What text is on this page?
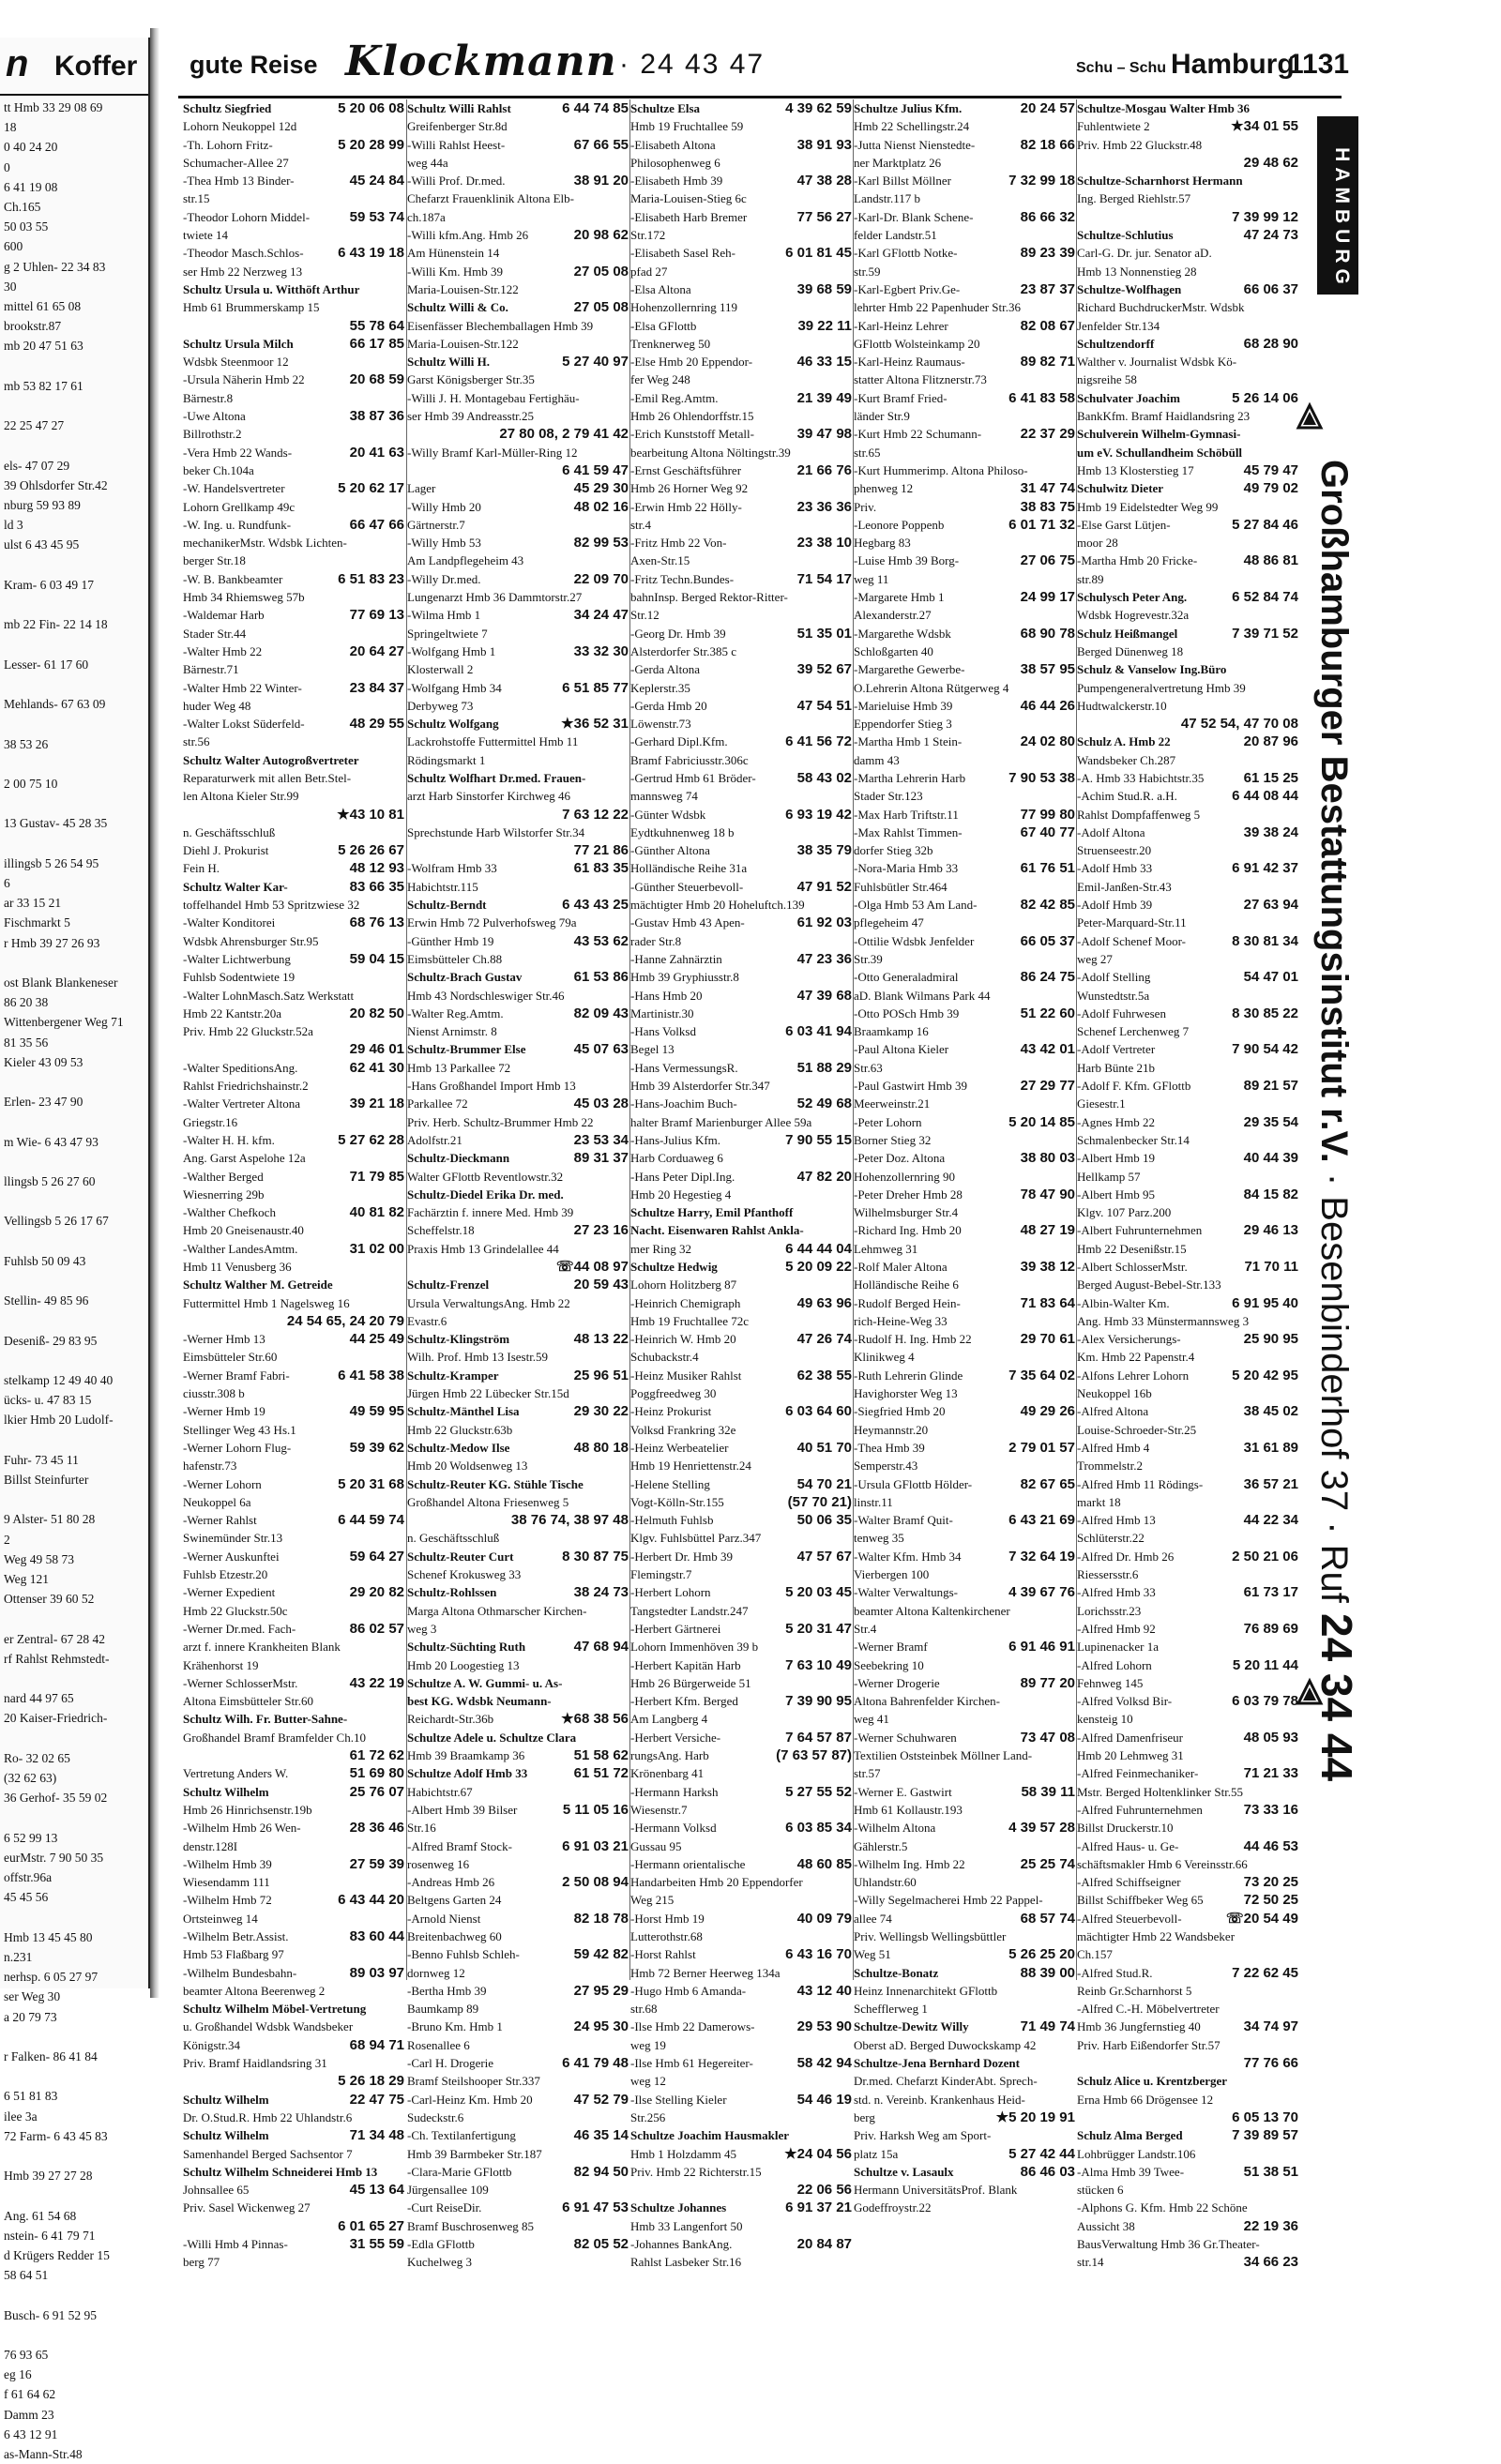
n Koffer
tt Hmb 33 29 08 69
18
0 40 24 20
0
6 41 19 08
Ch.165
50 03 55
600
g 2 Uhlen- 22 34 83
30
mittel 61 65 08
brookstr.87
mb 20 47 51 63

mb 53 82 17 61

22 25 47 27

els- 47 07 29
39 Ohlsdorfer Str.42
nburg 59 93 89
ld 3
ulst 6 43 45 95

Kram- 6 03 49 17

mb 22 Fin- 22 14 18

Lesser- 61 17 60

Mehlands- 67 63 09

38 53 26

2 00 75 10

13 Gustav- 45 28 35

illingsb 5 26 54 95
6
ar 33 15 21
Fischmarkt 5
r Hmb 39 27 26 93

ost Blank Blankeneser
86 20 38
Wittenbergener Weg 71
81 35 56
Kieler 43 09 53

Erlen- 23 47 90

m Wie- 6 43 47 93

llingsb 5 26 27 60

Vellingsb 5 26 17 67

Fuhlsb 50 09 43

Stellin- 49 85 96

Deseniß- 29 83 95

stelkamp 12 49 40 40
ücks- u. 47 83 15
lkier Hmb 20 Ludolf-

Fuhr- 73 45 11
Billst Steinfurter

9 Alster- 51 80 28
2
Weg 49 58 73
Weg 121
Ottenser 39 60 52

er Zentral- 67 28 42
rf Rahlst Rehmstedt-

nard 44 97 65
20 Kaiser-Friedrich-

Ro- 32 02 65
(32 62 63)
36 Gerhof- 35 59 02

6 52 99 13
eurMstr. 7 90 50 35
offstr.96a
45 45 56

Hmb 13 45 45 80
n.231
nerhsp. 6 05 27 97
ser Weg 30
a 20 79 73

r Falken- 86 41 84

6 51 81 83
ilee 3a
72 Farm- 6 43 45 83

Hmb 39 27 27 28

Ang. 61 54 68
nstein- 6 41 79 71
d Krügers Redder 15
58 64 51

Busch- 6 91 52 95

76 93 65
eg 16
f 61 64 62
Damm 23
6 43 12 91
as-Mann-Str.48
gute Reise Klockmann · 24 43 47	Schu – Schu Hamburg
1131
Schultz Siegfried	5 20 06 08
Lohorn Neukoppel 12d
-Th. Lohorn Fritz-	5 20 28 99
Schumacher-Allee 27
-Thea Hmb 13 Binder-	45 24 84
str.15
-Theodor Lohorn Middel-	59 53 74
twiete 14
-Theodor Masch.Schlos-	6 43 19 18
ser Hmb 22 Nerzweg 13
Schultz Ursula u. Witthöft Arthur
Hmb 61 Brummerskamp 15

55 78 64
Schultz Ursula Milch	66 17 85
Wdsbk Steenmoor 12
-Ursula Näherin Hmb 22	20 68 59
Bärnestr.8
-Uwe Altona	38 87 36
Billrothstr.2
-Vera Hmb 22 Wands-	20 41 63
beker Ch.104a
-W. Handelsvertreter	5 20 62 17
Lohorn Grellkamp 49c
-W. Ing. u. Rundfunk-	66 47 66
mechanikerMstr. Wdsbk Lichten-
berger Str.18
-W. B. Bankbeamter	6 51 83 23
Hmb 34 Rhiemsweg 57b
-Waldemar Harb	77 69 13
Stader Str.44
-Walter Hmb 22	20 64 27
Bärnestr.71
-Walter Hmb 22 Winter-	23 84 37
huder Weg 48
-Walter Lokst Süderfeld-	48 29 55
str.56
Schultz Walter Autogroßvertreter
Reparaturwerk mit allen Betr.Stel-
len Altona Kieler Str.99

★43 10 81
n. Geschäftsschluß
Diehl J. Prokurist	5 26 26 67
Fein H.	48 12 93
Schultz Walter Kar-	83 66 35
toffelhandel Hmb 53 Spritzwiese 32
-Walter Konditorei	68 76 13
Wdsbk Ahrensburger Str.95
-Walter Lichtwerbung	59 04 15
Fuhlsb Sodentwiete 19
-Walter LohnMasch.Satz Werkstatt
Hmb 22 Kantstr.20a	20 82 50
Priv. Hmb 22 Gluckstr.52a

29 46 01
-Walter SpeditionsAng.	62 41 30
Rahlst Friedrichshainstr.2
-Walter Vertreter Altona	39 21 18
Griegstr.16
-Walter H. H. kfm.	5 27 62 28
Ang. Garst Aspelohe 12a
-Walther Berged	71 79 85
Wiesnerring 29b
-Walther Chefkoch	40 81 82
Hmb 20 Gneisenaustr.40
-Walther LandesAmtm.	31 02 00
Hmb 11 Venusberg 36
Schultz Walther M. Getreide
Futtermittel Hmb 1 Nagelsweg 16

24 54 65, 24 20 79
-Werner Hmb 13	44 25 49
Eimsbütteler Str.60
-Werner Bramf Fabri-	6 41 58 38
ciusstr.308 b
-Werner Hmb 19	49 59 95
Stellinger Weg 43 Hs.1
-Werner Lohorn Flug-	59 39 62
hafenstr.73
-Werner Lohorn	5 20 31 68
Neukoppel 6a
-Werner Rahlst	6 44 59 74
Swinemünder Str.13
-Werner Auskunftei	59 64 27
Fuhlsb Etzestr.20
-Werner Expedient	29 20 82
Hmb 22 Gluckstr.50c
-Werner Dr.med. Fach-	86 02 57
arzt f. innere Krankheiten Blank
Krähenhorst 19
-Werner SchlosserMstr.	43 22 19
Altona Eimsbütteler Str.60
Schultz Wilh. Fr. Butter-Sahne-
Großhandel Bramf Bramfelder Ch.10

61 72 62
Vertretung Anders W.	51 69 80
Schultz Wilhelm	25 76 07
Hmb 26 Hinrichsenstr.19b
-Wilhelm Hmb 26 Wen-	28 36 46
denstr.128I
-Wilhelm Hmb 39	27 59 39
Wiesendamm 111
-Wilhelm Hmb 72	6 43 44 20
Ortsteinweg 14
-Wilhelm Betr.Assist.	83 60 44
Hmb 53 Flaßbarg 97
-Wilhelm Bundesbahn-	89 03 97
beamter Altona Beerenweg 2
Schultz Wilhelm Möbel-Vertretung
u. Großhandel Wdsbk Wandsbeker
Königstr.34	68 94 71
Priv. Bramf Haidlandsring 31

5 26 18 29
Schultz Wilhelm	22 47 75
Dr. O.Stud.R. Hmb 22 Uhlandstr.6
Schultz Wilhelm	71 34 48
Samenhandel Berged Sachsentor 7
Schultz Wilhelm Schneiderei Hmb 13
Johnsallee 65	45 13 64
Priv. Sasel Wickenweg 27

6 01 65 27
-Willi Hmb 4 Pinnas-	31 55 59
berg 77
Schultz Willi Rahlst	6 44 74 85
Greifenberger Str.8d
-Willi Rahlst Heest-	67 66 55
weg 44a
-Willi Prof. Dr.med.	38 91 20
Chefarzt Frauenklinik Altona Elb-
ch.187a
-Willi kfm.Ang. Hmb 26	20 98 62
Am Hünenstein 14
-Willi Km. Hmb 39	27 05 08
Maria-Louisen-Str.122
Schultz Willi & Co.	27 05 08
Eisenfässer Blechemballagen Hmb 39
Maria-Louisen-Str.122
Schultz Willi H.	5 27 40 97
Garst Königsberger Str.35
-Willi J. H. Montagebau Fertighäu-
ser Hmb 39 Andreasstr.25

27 80 08, 2 79 41 42
-Willy Bramf Karl-Müller-Ring 12

6 41 59 47
Lager	45 29 30
-Willy Hmb 20	48 02 16
Gärtnerstr.7
-Willy Hmb 53	82 99 53
Am Landpflegeheim 43
-Willy Dr.med.	22 09 70
Lungenarzt Hmb 36 Dammtorstr.27
-Wilma Hmb 1	34 24 47
Springeltwiete 7
-Wolfgang Hmb 1	33 32 30
Klosterwall 2
-Wolfgang Hmb 34	6 51 85 77
Derbyweg 73
Schultz Wolfgang	★36 52 31
Lackrohstoffe Futtermittel Hmb 11
Rödingsmarkt 1
Schultz Wolfhart Dr.med. Frauen-
arzt Harb Sinstorfer Kirchweg 46

7 63 12 22
Sprechstunde Harb Wilstorfer Str.34

77 21 86
-Wolfram Hmb 33	61 83 35
Habichtstr.115
Schultz-Berndt	6 43 43 25
Erwin Hmb 72 Pulverhofsweg 79a
-Günther Hmb 19	43 53 62
Eimsbütteler Ch.88
Schultz-Brach Gustav	61 53 86
Hmb 43 Nordschleswiger Str.46
-Walter Reg.Amtm.	82 09 43
Nienst Arnimstr. 8
Schultz-Brummer Else	45 07 63
Hmb 13 Parkallee 72
-Hans Großhandel Import Hmb 13
Parkallee 72	45 03 28
Priv. Herb. Schultz-Brummer Hmb 22
Adolfstr.21	23 53 34
Schultz-Dieckmann	89 31 37
Walter GFlottb Reventlowstr.32
Schultz-Diedel Erika Dr. med.
Fachärztin f. innere Med. Hmb 39
Scheffelstr.18	27 23 16
Praxis Hmb 13 Grindelallee 44

☏44 08 97
Schultz-Frenzel	20 59 43
Ursula VerwaltungsAng. Hmb 22
Evastr.6
Schultz-Klingström	48 13 22
Wilh. Prof. Hmb 13 Isestr.59
Schultz-Kramper	25 96 51
Jürgen Hmb 22 Lübecker Str.15d
Schultz-Mänthel Lisa	29 30 22
Hmb 22 Gluckstr.63b
Schultz-Medow Ilse	48 80 18
Hmb 20 Woldsenweg 13
Schultz-Reuter KG. Stühle Tische
Großhandel Altona Friesenweg 5

38 76 74, 38 97 48
n. Geschäftsschluß
Schultz-Reuter Curt	8 30 87 75
Schenef Krokusweg 33
Schultz-Rohlssen	38 24 73
Marga Altona Othmarscher Kirchen-
weg 3
Schultz-Süchting Ruth	47 68 94
Hmb 20 Loogestieg 13
Schultze A. W. Gummi- u. As-
best KG. Wdsbk Neumann-
Reichardt-Str.36b	★68 38 56
Schultze Adele u. Schultze Clara
Hmb 39 Braamkamp 36	51 58 62
Schultze Adolf Hmb 33	61 51 72
Habichtstr.67
-Albert Hmb 39 Bilser	5 11 05 16
Str.16
-Alfred Bramf Stock-	6 91 03 21
rosenweg 16
-Andreas Hmb 26	2 50 08 94
Beltgens Garten 24
-Arnold Nienst	82 18 78
Breitenbachweg 60
-Benno Fuhlsb Schleh-	59 42 82
dornweg 12
-Bertha Hmb 39	27 95 29
Baumkamp 89
-Bruno Km. Hmb 1	24 95 30
Rosenallee 6
-Carl H. Drogerie	6 41 79 48
Bramf Steilshooper Str.337
-Carl-Heinz Km. Hmb 20	47 52 79
Sudeckstr.6
-Ch. Textilanfertigung	46 35 14
Hmb 39 Barmbeker Str.187
-Clara-Marie GFlottb	82 94 50
Jürgensallee 109
-Curt ReiseDir.	6 91 47 53
Bramf Buschrosenweg 85
-Edla GFlottb	82 05 52
Kuchelweg 3
Schultze Elsa	4 39 62 59
Hmb 19 Fruchtallee 59
-Elisabeth Altona	38 91 93
Philosophenweg 6
-Elisabeth Hmb 39	47 38 28
Maria-Louisen-Stieg 6c
-Elisabeth Harb Bremer	77 56 27
Str.172
-Elisabeth Sasel Reh-	6 01 81 45
pfad 27
-Elsa Altona	39 68 59
Hohenzollernring 119
-Elsa GFlottb	39 22 11
Trenknerweg 50
-Else Hmb 20 Eppendor-	46 33 15
fer Weg 248
-Emil Reg.Amtm.	21 39 49
Hmb 26 Ohlendorffstr.15
-Erich Kunststoff Metall-	39 47 98
bearbeitung Altona Nöltingstr.39
-Ernst Geschäftsführer	21 66 76
Hmb 26 Horner Weg 92
-Erwin Hmb 22 Hölly-	23 36 36
str.4
-Fritz Hmb 22 Von-	23 38 10
Axen-Str.15
-Fritz Techn.Bundes-	71 54 17
bahnInsp. Berged Rektor-Ritter-
Str.12
-Georg Dr. Hmb 39	51 35 01
Alsterdorfer Str.385 c
-Gerda Altona	39 52 67
Keplerstr.35
-Gerda Hmb 20	47 54 51
Löwenstr.73
-Gerhard Dipl.Kfm.	6 41 56 72
Bramf Fabriciusstr.306c
-Gertrud Hmb 61 Bröder-	58 43 02
mannsweg 74
-Günter Wdsbk	6 93 19 42
Eydtkuhnenweg 18 b
-Günther Altona	38 35 79
Holländische Reihe 31a
-Günther Steuerbevoll-	47 91 52
mächtigter Hmb 20 Hoheluftch.139
-Gustav Hmb 43 Apen-	61 92 03
rader Str.8
-Hanne Zahnärztin	47 23 36
Hmb 39 Gryphiusstr.8
-Hans Hmb 20	47 39 68
Martinistr.30
-Hans Volksd	6 03 41 94
Begel 13
-Hans VermessungsR.	51 88 29
Hmb 39 Alsterdorfer Str.347
-Hans-Joachim Buch-	52 49 68
halter Bramf Marienburger Allee 59a
-Hans-Julius Kfm.	7 90 55 15
Harb Corduaweg 6
-Hans Peter Dipl.Ing.	47 82 20
Hmb 20 Hegestieg 4
Schultze Harry, Emil Pfanthoff
Nacht. Eisenwaren Rahlst Ankla-
mer Ring 32	6 44 44 04
Schultze Hedwig	5 20 09 22
Lohorn Holitzberg 87
-Heinrich Chemigraph	49 63 96
Hmb 19 Fruchtallee 72c
-Heinrich W. Hmb 20	47 26 74
Schubackstr.4
-Heinz Musiker Rahlst	62 38 55
Poggfreedweg 30
-Heinz Prokurist	6 03 64 60
Volksd Frankring 32e
-Heinz Werbeatelier	40 51 70
Hmb 19 Henriettenstr.24
-Helene Stelling	54 70 21
Vogt-Kölln-Str.155	(57 70 21)
-Helmuth Fuhlsb	50 06 35
Klgv. Fuhlsbüttel Parz.347
-Herbert Dr. Hmb 39	47 57 67
Flemingstr.7
-Herbert Lohorn	5 20 03 45
Tangstedter Landstr.247
-Herbert Gärtnerei	5 20 31 47
Lohorn Immenhöven 39 b
-Herbert Kapitän Harb	7 63 10 49
Hmb 26 Bürgerweide 51
-Herbert Kfm. Berged	7 39 90 95
Am Langberg 4
-Herbert Versiche-	7 64 57 87
rungsAng. Harb	(7 63 57 87)
Krönenbarg 41
-Hermann Harksh	5 27 55 52
Wiesenstr.7
-Hermann Volksd	6 03 85 34
Gussau 95
-Hermann orientalische	48 60 85
Handarbeiten Hmb 20 Eppendorfer
Weg 215
-Horst Hmb 19	40 09 79
Lutterothstr.68
-Horst Rahlst	6 43 16 70
Hmb 72 Berner Heerweg 134a
-Hugo Hmb 6 Amanda-	43 12 40
str.68
-Ilse Hmb 22 Damerows-	29 53 90
weg 19
-Ilse Hmb 61 Hegereiter-	58 42 94
weg 12
-Ilse Stelling Kieler	54 46 19
Str.256
Schultze Joachim Hausmakler
Hmb 1 Holzdamm 45	★24 04 56
Priv. Hmb 22 Richterstr.15

22 06 56
Schultze Johannes	6 91 37 21
Hmb 33 Langenfort 50
-Johannes BankAng.	20 84 87
Rahlst Lasbeker Str.16
Schultze Julius Kfm.	20 24 57
Hmb 22 Schellingstr.24
-Jutta Nienst Nienstedte-	82 18 66
ner Marktplatz 26
-Karl Billst Möllner	7 32 99 18
Landstr.117 b
-Karl-Dr. Blank Schene-	86 66 32
felder Landstr.51
-Karl GFlottb Notke-	89 23 39
str.59
-Karl-Egbert Priv.Ge-	23 87 37
lehrter Hmb 22 Papenhuder Str.36
-Karl-Heinz Lehrer	82 08 67
GFlottb Wolsteinkamp 20
-Karl-Heinz Raumaus-	89 82 71
statter Altona Flitznerstr.73
-Kurt Bramf Fried-	6 41 83 58
länder Str.9
-Kurt Hmb 22 Schumann-	22 37 29
str.65
-Kurt Hummerimp. Altona Philoso-
phenweg 12	31 47 74
Priv.	38 83 75
-Leonore Poppenb	6 01 71 32
Hegbarg 83
-Luise Hmb 39 Borg-	27 06 75
weg 11
-Margarete Hmb 1	24 99 17
Alexanderstr.27
-Margarethe Wdsbk	68 90 78
Schloßgarten 40
-Margarethe Gewerbe-	38 57 95
O.Lehrerin Altona Rütgerweg 4
-Marieluise Hmb 39	46 44 26
Eppendorfer Stieg 3
-Martha Hmb 1 Stein-	24 02 80
damm 43
-Martha Lehrerin Harb	7 90 53 38
Stader Str.123
-Max Harb Triftstr.11	77 99 80
-Max Rahlst Timmen-	67 40 77
dorfer Stieg 32b
-Nora-Maria Hmb 33	61 76 51
Fuhlsbütler Str.464
-Olga Hmb 53 Am Land-	82 42 85
pflegeheim 47
-Ottilie Wdsbk Jenfelder	66 05 37
Str.39
-Otto Generaladmiral	86 24 75
aD. Blank Wilmans Park 44
-Otto POSch Hmb 39	51 22 60
Braamkamp 16
-Paul Altona Kieler	43 42 01
Str.63
-Paul Gastwirt Hmb 39	27 29 77
Meerweinstr.21
-Peter Lohorn	5 20 14 85
Borner Stieg 32
-Peter Doz. Altona	38 80 03
Hohenzollernring 90
-Peter Dreher Hmb 28	78 47 90
Wilhelmsburger Str.4
-Richard Ing. Hmb 20	48 27 19
Lehmweg 31
-Rolf Maler Altona	39 38 12
Holländische Reihe 6
-Rudolf Berged Hein-	71 83 64
rich-Heine-Weg 33
-Rudolf H. Ing. Hmb 22	29 70 61
Klinikweg 4
-Ruth Lehrerin Glinde	7 35 64 02
Havighorster Weg 13
-Siegfried Hmb 20	49 29 26
Heymannstr.20
-Thea Hmb 39	2 79 01 57
Semperstr.43
-Ursula GFlottb Hölder-	82 67 65
linstr.11
-Walter Bramf Quit-	6 43 21 69
tenweg 35
-Walter Kfm. Hmb 34	7 32 64 19
Vierbergen 100
-Walter Verwaltungs-	4 39 67 76
beamter Altona Kaltenkirchener
Str.4
-Werner Bramf	6 91 46 91
Seebekring 10
-Werner Drogerie	89 77 20
Altona Bahrenfelder Kirchen-
weg 41
-Werner Schuhwaren	73 47 08
Textilien Oststeinbek Möllner Land-
str.57
-Werner E. Gastwirt	58 39 11
Hmb 61 Kollaustr.193
-Wilhelm Altona	4 39 57 28
Gählerstr.5
-Wilhelm Ing. Hmb 22	25 25 74
Uhlandstr.60
-Willy Segelmacherei Hmb 22 Pappel-
allee 74	68 57 74
Priv. Wellingsb Wellingsbüttler
Weg 51	5 26 25 20
Schultze-Bonatz	88 39 00
Heinz Innenarchitekt GFlottb
Schefflerweg 1
Schultze-Dewitz Willy	71 49 74
Oberst aD. Berged Duwockskamp 42
Schultze-Jena Bernhard Dozent
Dr.med. Chefarzt KinderAbt. Sprech-
std. n. Vereinb. Krankenhaus Heid-
berg	★5 20 19 91
Priv. Harksh Weg am Sport-
platz 15a	5 27 42 44
Schultze v. Lasaulx	86 46 03
Hermann UniversitätsProf. Blank
Godeffroystr.22
Schultze-Mosgau Walter Hmb 36
Fuhlentwiete 2	★34 01 55
Priv. Hmb 22 Gluckstr.48

29 48 62
Schultze-Scharnhorst Hermann
Ing. Berged Riehlstr.57

7 39 99 12
Schultze-Schlutius	47 24 73
Carl-G. Dr. jur. Senator aD.
Hmb 13 Nonnenstieg 28
Schultze-Wolfhagen	66 06 37
Richard BuchdruckerMstr. Wdsbk
Jenfelder Str.134
Schultzendorff	68 28 90
Walther v. Journalist Wdsbk Kö-
nigsreihe 58
Schulvater Joachim	5 26 14 06
BankKfm. Bramf Haidlandsring 23
Schulverein Wilhelm-Gymnasi-
um eV. Schullandheim Schöbüll
Hmb 13 Klosterstieg 17	45 79 47
Schulwitz Dieter	49 79 02
Hmb 19 Eidelstedter Weg 99
-Else Garst Lütjen-	5 27 84 46
moor 28
-Martha Hmb 20 Fricke-	48 86 81
str.89
Schulysch Peter Ang.	6 52 84 74
Wdsbk Hogrevestr.32a
Schulz Heißmangel	7 39 71 52
Berged Dünenweg 18
Schulz & Vanselow Ing.Büro
Pumpengeneralvertretung Hmb 39
Hudtwalckerstr.10

47 52 54, 47 70 08
Schulz A. Hmb 22	20 87 96
Wandsbeker Ch.287
-A. Hmb 33 Habichtstr.35	61 15 25
-Achim Stud.R. a.H.	6 44 08 44
Rahlst Dompfaffenweg 5
-Adolf Altona	39 38 24
Struenseestr.20
-Adolf Hmb 33	6 91 42 37
Emil-Janßen-Str.43
-Adolf Hmb 39	27 63 94
Peter-Marquard-Str.11
-Adolf Schenef Moor-	8 30 81 34
weg 27
-Adolf Stelling	54 47 01
Wunstedtstr.5a
-Adolf Fuhrwesen	8 30 85 22
Schenef Lerchenweg 7
-Adolf Vertreter	7 90 54 42
Harb Bünte 21b
-Adolf F. Kfm. GFlottb	89 21 57
Giesestr.1
-Agnes Hmb 22	29 35 54
Schmalenbecker Str.14
-Albert Hmb 19	40 44 39
Hellkamp 57
-Albert Hmb 95	84 15 82
Klgv. 107 Parz.200
-Albert Fuhrunternehmen	29 46 13
Hmb 22 Desenißstr.15
-Albert SchlosserMstr.	71 70 11
Berged August-Bebel-Str.133
-Albin-Walter Km.	6 91 95 40
Ang. Hmb 33 Münstermannsweg 3
-Alex Versicherungs-	25 90 95
Km. Hmb 22 Papenstr.4
-Alfons Lehrer Lohorn	5 20 42 95
Neukoppel 16b
-Alfred Altona	38 45 02
Louise-Schroeder-Str.25
-Alfred Hmb 4	31 61 89
Trommelstr.2
-Alfred Hmb 11 Rödings-	36 57 21
markt 18
-Alfred Hmb 13	44 22 34
Schlüterstr.22
-Alfred Dr. Hmb 26	2 50 21 06
Riessersstr.6
-Alfred Hmb 33	61 73 17
Lorichsstr.23
-Alfred Hmb 92	76 89 69
Lupinenacker 1a
-Alfred Lohorn	5 20 11 44
Fehnweg 145
-Alfred Volksd Bir-	6 03 79 78
kensteig 10
-Alfred Damenfriseur	48 05 93
Hmb 20 Lehmweg 31
-Alfred Feinmechaniker-	71 21 33
Mstr. Berged Holtenklinker Str.55
-Alfred Fuhrunternehmen	73 33 16
Billst Druckerstr.10
-Alfred Haus- u. Ge-	44 46 53
schäftsmakler Hmb 6 Vereinsstr.66
-Alfred Schiffseigner	73 20 25
Billst Schiffbeker Weg 65	72 50 25
-Alfred Steuerbevoll-	☏20 54 49
mächtigter Hmb 22 Wandsbeker
Ch.157
-Alfred Stud.R.	7 22 62 45
Reinb Gr.Scharnhorst 5
-Alfred C.-H. Möbelvertreter
Hmb 36 Jungfernstieg 40	34 74 97
Priv. Harb Eißendorfer Str.57

77 76 66
Schulz Alice u. Krentzberger
Erna Hmb 66 Drögensee 12

6 05 13 70
Schulz Alma Berged	7 39 89 57
Lohbrügger Landstr.106
-Alma Hmb 39 Twee-	51 38 51
stücken 6
-Alphons G. Kfm. Hmb 22 Schöne
Aussicht 38	22 19 36
BausVerwaltung Hmb 36 Gr.Theater-
str.14	34 66 23
HAMBURG
Großhamburger Bestattungsinstitut r.V. · Besenbinderhof 37 · Ruf 24 34 44
